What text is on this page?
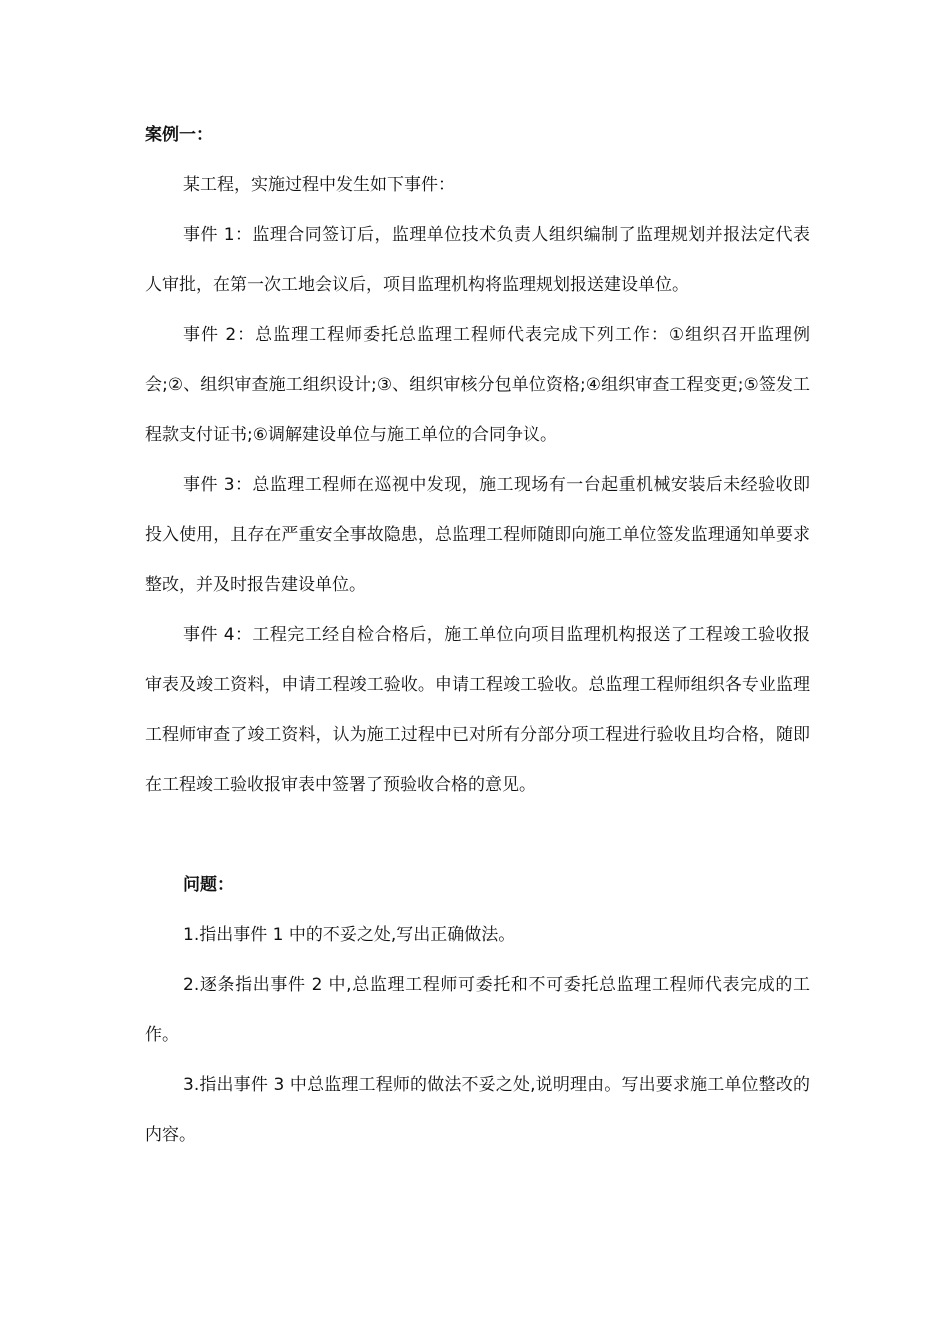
案例一：

某工程，实施过程中发生如下事件：

事件 1：监理合同签订后，监理单位技术负责人组织编制了监理规划并报法定代表人审批，在第一次工地会议后，项目监理机构将监理规划报送建设单位。

事件 2：总监理工程师委托总监理工程师代表完成下列工作：①组织召开监理例会;②、组织审查施工组织设计;③、组织审核分包单位资格;④组织审查工程变更;⑤签发工程款支付证书;⑥调解建设单位与施工单位的合同争议。

事件 3：总监理工程师在巡视中发现，施工现场有一台起重机械安装后未经验收即投入使用，且存在严重安全事故隐患，总监理工程师随即向施工单位签发监理通知单要求整改，并及时报告建设单位。

事件 4：工程完工经自检合格后，施工单位向项目监理机构报送了工程竣工验收报审表及竣工资料，申请工程竣工验收。申请工程竣工验收。总监理工程师组织各专业监理工程师审查了竣工资料，认为施工过程中已对所有分部分项工程进行验收且均合格，随即在工程竣工验收报审表中签署了预验收合格的意见。

问题：

1.指出事件 1 中的不妥之处,写出正确做法。

2.逐条指出事件 2 中,总监理工程师可委托和不可委托总监理工程师代表完成的工作。

3.指出事件 3 中总监理工程师的做法不妥之处,说明理由。写出要求施工单位整改的内容。
